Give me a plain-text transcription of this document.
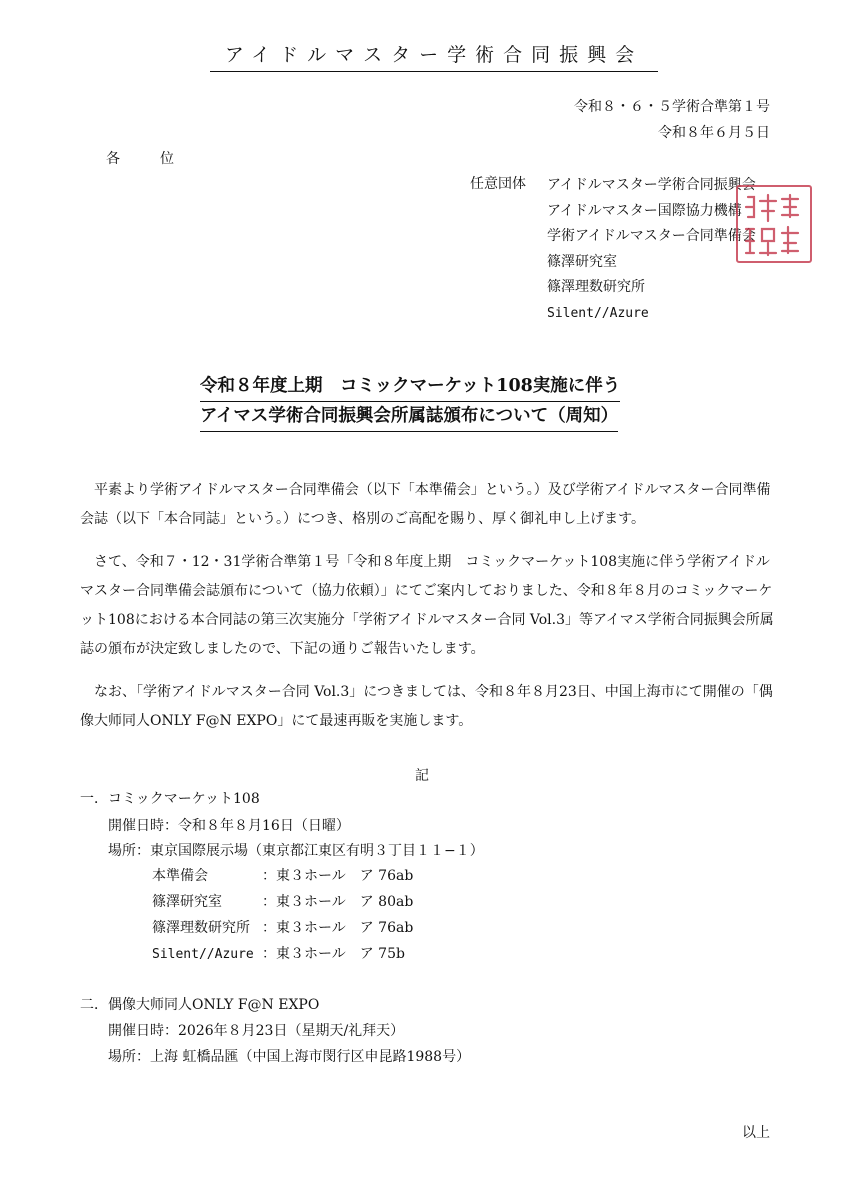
アイドルマスター学術合同振興会
令和８・６・５学術合準第１号
令和８年６月５日
各位
任意団体 アイドルマスター学術合同振興会
アイドルマスター国際協力機構
学術アイドルマスター合同準備会
篠澤研究室
篠澤理数研究所
Silent//Azure
令和８年度上期　コミックマーケット108実施に伴う
アイマス学術合同振興会所属誌頒布について（周知）

平素より学術アイドルマスター合同準備会（以下「本準備会」という。）及び学術アイドルマスター合同準備会誌（以下「本合同誌」という。）につき、格別のご高配を賜り、厚く御礼申し上げます。

さて、令和７・12・31学術合準第１号「令和８年度上期　コミックマーケット108実施に伴う学術アイドルマスター合同準備会誌頒布について（協力依頼）」にてご案内しておりました、令和８年８月のコミックマーケット108における本合同誌の第三次実施分「学術アイドルマスター合同 Vol.3」等アイマス学術合同振興会所属誌の頒布が決定致しましたので、下記の通りご報告いたします。

なお、「学術アイドルマスター合同 Vol.3」につきましては、令和８年８月23日、中国上海市にて開催の「偶像大师同人ONLY F@N EXPO」にて最速再販を実施します。

記
一．コミックマーケット108
開催日時：令和８年８月16日（日曜）
場所：東京国際展示場（東京都江東区有明３丁目１１−１）
本準備会	：東３ホール　ア 76ab
篠澤研究室	：東３ホール　ア 80ab
篠澤理数研究所 ：東３ホール　ア 76ab
Silent//Azure ：東３ホール　ア 75b
二．偶像大师同人ONLY F@N EXPO
開催日時：2026年８月23日（星期天/礼拜天）
場所：上海 虹橋品匯（中国上海市閔行区申昆路1988号）
以上
